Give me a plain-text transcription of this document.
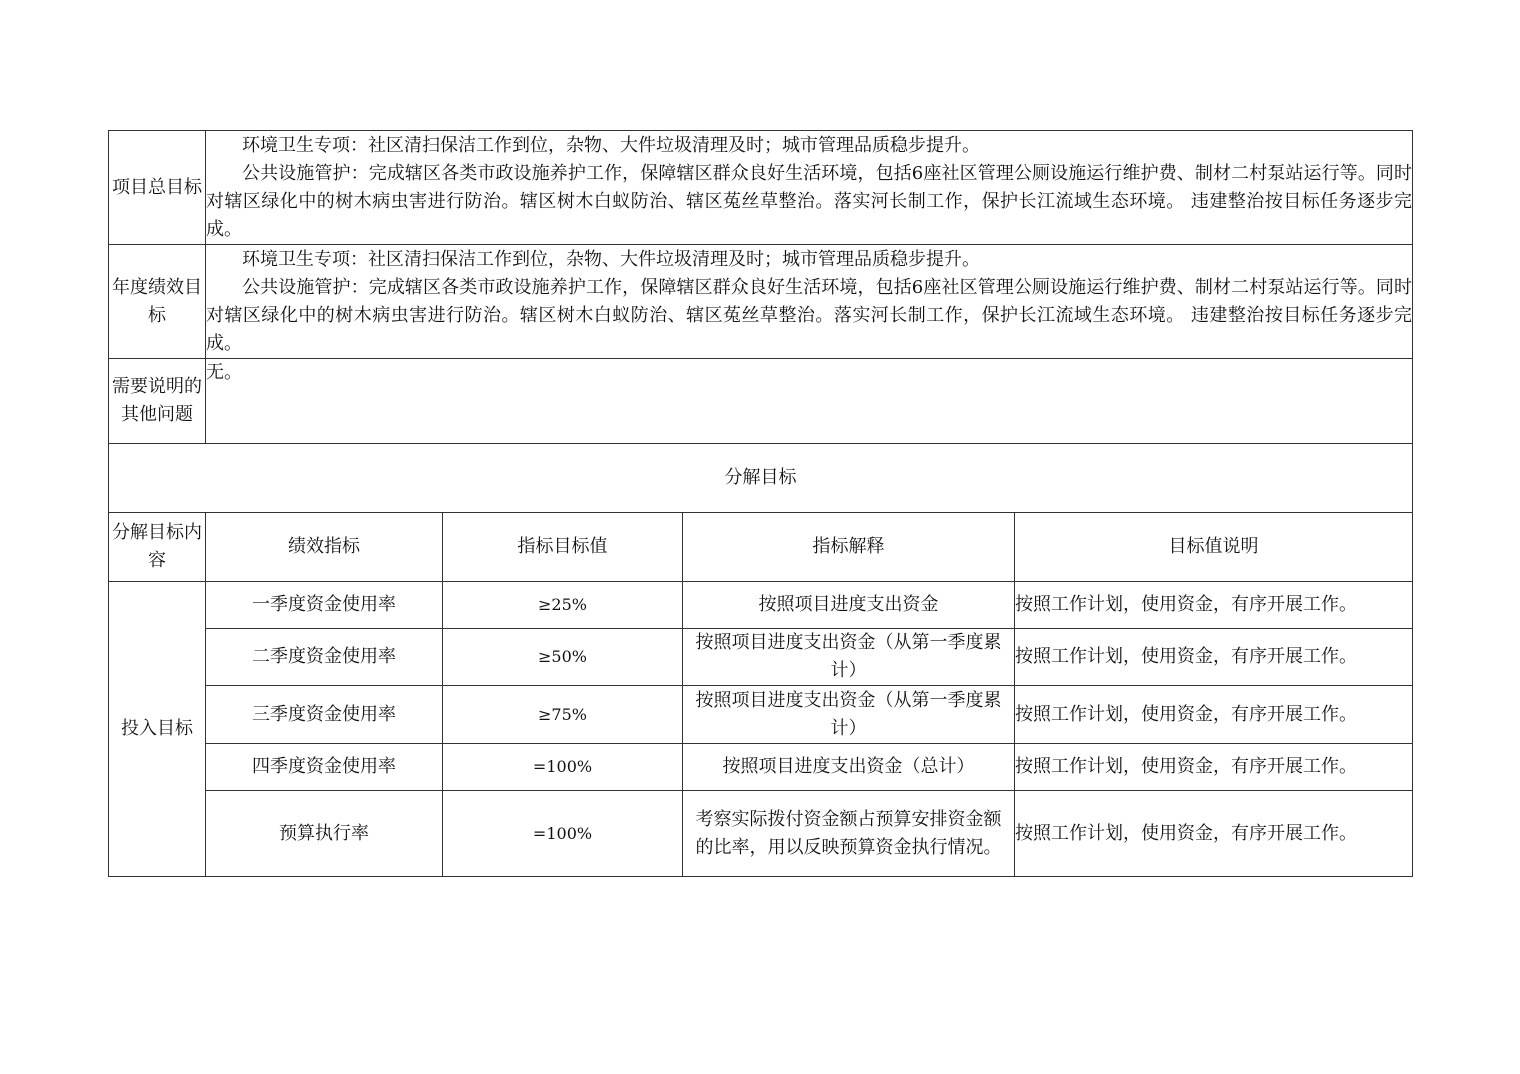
项目总目标	环境卫生专项：社区清扫保洁工作到位，杂物、大件垃圾清理及时；城市管理品质稳步提升。

公共设施管护：完成辖区各类市政设施养护工作，保障辖区群众良好生活环境，包括6座社区管理公厕设施运行维护费、制材二村泵站运行等。同时对辖区绿化中的树木病虫害进行防治。辖区树木白蚁防治、辖区菟丝草整治。落实河长制工作，保护长江流域生态环境。 违建整治按目标任务逐步完成。			

年度绩效目标	环境卫生专项：社区清扫保洁工作到位，杂物、大件垃圾清理及时；城市管理品质稳步提升。

公共设施管护：完成辖区各类市政设施养护工作，保障辖区群众良好生活环境，包括6座社区管理公厕设施运行维护费、制材二村泵站运行等。同时对辖区绿化中的树木病虫害进行防治。辖区树木白蚁防治、辖区菟丝草整治。落实河长制工作，保护长江流域生态环境。 违建整治按目标任务逐步完成。			

需要说明的其他问题	无。			
分解目标				
分解目标内容	绩效指标	指标目标值	指标解释	目标值说明
投入目标	一季度资金使用率	≥25%	按照项目进度支出资金	按照工作计划，使用资金，有序开展工作。
	二季度资金使用率	≥50%	按照项目进度支出资金（从第一季度累计）	按照工作计划，使用资金，有序开展工作。
	三季度资金使用率	≥75%	按照项目进度支出资金（从第一季度累计）	按照工作计划，使用资金，有序开展工作。
	四季度资金使用率	=100%	按照项目进度支出资金（总计）	按照工作计划，使用资金，有序开展工作。
	预算执行率	=100%	考察实际拨付资金额占预算安排资金额的比率，用以反映预算资金执行情况。	按照工作计划，使用资金，有序开展工作。
